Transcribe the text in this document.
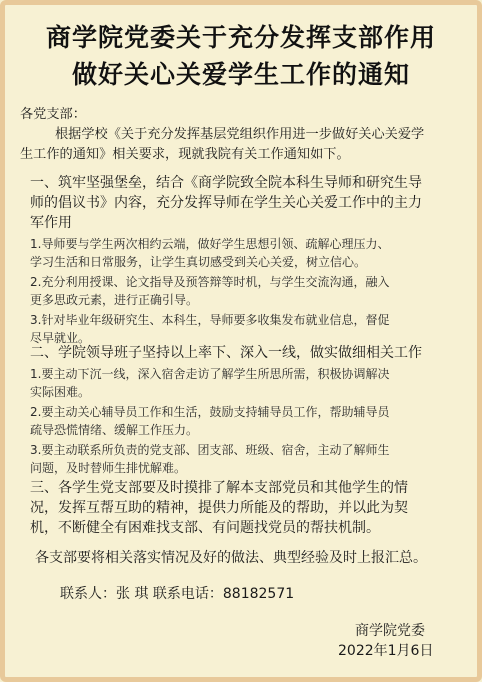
商学院党委关于充分发挥支部作用
做好关心关爱学生工作的通知
各党支部：
根据学校《关于充分发挥基层党组织作用进一步做好关心关爱学
生工作的通知》相关要求，现就我院有关工作通知如下。
一、筑牢坚强堡垒，结合《商学院致全院本科生导师和研究生导
师的倡议书》内容，充分发挥导师在学生关心关爱工作中的主力
军作用
1.导师要与学生两次相约云端，做好学生思想引领、疏解心理压力、
学习生活和日常服务，让学生真切感受到关心关爱，树立信心。
2.充分利用授课、论文指导及预答辩等时机，与学生交流沟通，融入
更多思政元素，进行正确引导。
3.针对毕业年级研究生、本科生，导师要多收集发布就业信息，督促
尽早就业。
二、学院领导班子坚持以上率下、深入一线，做实做细相关工作
1.要主动下沉一线，深入宿舍走访了解学生所思所需，积极协调解决
实际困难。
2.要主动关心辅导员工作和生活，鼓励支持辅导员工作，帮助辅导员
疏导恐慌情绪、缓解工作压力。
3.要主动联系所负责的党支部、团支部、班级、宿舍，主动了解师生
问题，及时替师生排忧解难。
三、各学生党支部要及时摸排了解本支部党员和其他学生的情
况，发挥互帮互助的精神，提供力所能及的帮助，并以此为契
机，不断健全有困难找支部、有问题找党员的帮扶机制。
各支部要将相关落实情况及好的做法、典型经验及时上报汇总。
联系人：张 琪 联系电话：88182571
商学院党委
2022年1月6日
